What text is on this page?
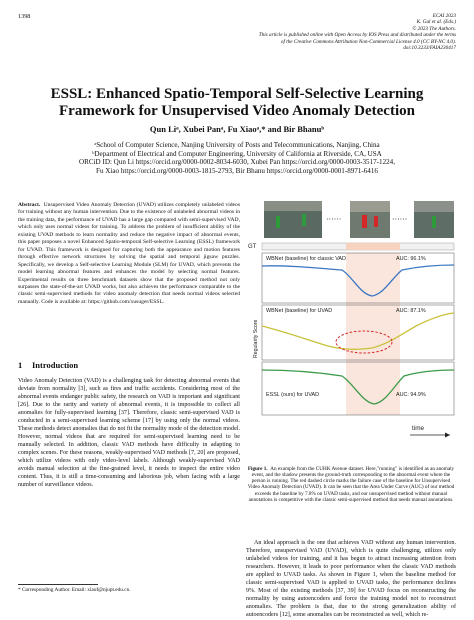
1398	ECAI 2023
K. Gal et al. (Eds.)
© 2023 The Authors.
This article is published online with Open Access by IOS Press and distributed under the terms
of the Creative Commons Attribution Non-Commercial License 4.0 (CC BY-NC 4.0).
doi:10.3233/FAIA230417
ESSL: Enhanced Spatio-Temporal Self-Selective Learning
Framework for Unsupervised Video Anomaly Detection
Qun Liᵃ, Xubei Panᵃ, Fu Xiaoᵃ,* and Bir Bhanuᵇ
ᵃSchool of Computer Science, Nanjing University of Posts and Telecommunications, Nanjing, China
ᵇDepartment of Electrical and Computer Engineering, University of California at Riverside, CA, USA
ORCiD ID: Qun Li https://orcid.org/0000-0002-8034-6030, Xubei Pan https://orcid.org/0000-0003-3517-1224,
Fu Xiao https://orcid.org/0000-0003-1815-2793, Bir Bhanu https://orcid.org/0000-0001-8971-6416
Abstract. Unsupervised Video Anomaly Detection (UVAD) utilizes completely unlabeled videos for training without any human intervention. Due to the existence of unlabeled abnormal videos in the training data, the performance of UVAD has a large gap compared with semi-supervised VAD, which only uses normal videos for training. To address the problem of insufficient ability of the existing UVAD methods to learn normality and reduce the negative impact of abnormal events, this paper proposes a novel Enhanced Spatio-temporal Self-selective Learning (ESSL) framework for UVAD. This framework is designed for capturing both the appearance and motion features through effective network structures by solving the spatial and temporal jigsaw puzzles. Specifically, we develop a Self-selective Learning Module (SLM) for UVAD, which prevents the model learning abnormal features and enhances the model by selecting normal features. Experimental results on three benchmark datasets show that the proposed method not only surpasses the state-of-the-art UVAD works, but also achieves the performance comparable to the classic semi-supervised methods for video anomaly detection that needs normal videos selected manually. Code is available at: https://github.com/xusuger/ESSL.
1 Introduction
Video Anomaly Detection (VAD) is a challenging task for detecting abnormal events that deviate from normality [3], such as fires and traffic accidents. Considering most of the abnormal events endanger public safety, the research on VAD is important and significant [26]. Due to the rarity and variety of abnormal events, it is impossible to collect all anomalies for fully-supervised learning [37]. Therefore, classic semi-supervised VAD is conducted in a semi-supervised learning scheme [17] by using only the normal videos. These methods detect anomalies that do not fit the normality mode of the detection model. However, normal videos that are required for semi-supervised learning need to be manually selected. In addition, classic VAD methods have difficulty in adapting to complex scenes. For these reasons, weakly-supervised VAD methods [7, 20] are proposed, which utilize videos with only video-level labels. Although weakly-supervised VAD avoids manual selection at the fine-grained level, it needs to inspect the entire video content. Thus, it is still a time-consuming and laborious job, when facing with a large number of surveillance videos.
* Corresponding Author. Email: xiaof@njupt.edu.cn.
······	······
GT
Regularity Score
WBNet (baseline) for classic VAD	AUC: 96.1%
WBNet (baseline) for UVAD	AUC: 87.1%
ESSL (ours) for UVAD	AUC: 94.9%
time
Figure 1. An example from the CUHK Avenue dataset. Here,"running" is identified as an anomaly event, and the shadow presents the ground-truth corresponding to the abnormal event where the person is running. The red dashed circle marks the failure case of the baseline for Unsupervised Video Anomaly Detection (UVAD). It can be seen that the Area Under Curve (AUC) of our method exceeds the baseline by 7.8% on UVAD tasks, and our unsupervised method without manual annotations is competitive with the classic semi-supervised method that needs manual annotations.
An ideal approach is the one that achieves VAD without any human intervention. Therefore, unsupervised VAD (UVAD), which is quite challenging, utilizes only unlabeled videos for training, and it has begun to attract increasing attention from researchers. However, it leads to poor performance when the classic VAD methods are applied to UVAD tasks. As shown in Figure 1, when the baseline method for classic semi-supervised VAD is applied to UVAD tasks, the performance declines 9%. Most of the existing methods [37, 39] for UVAD focus on reconstructing the normality by using autoencoders and force the training model not to reconstruct anomalies. The problem is that, due to the strong generalization ability of autoencoders [12], some anomalies can be reconstructed as well, which re-
